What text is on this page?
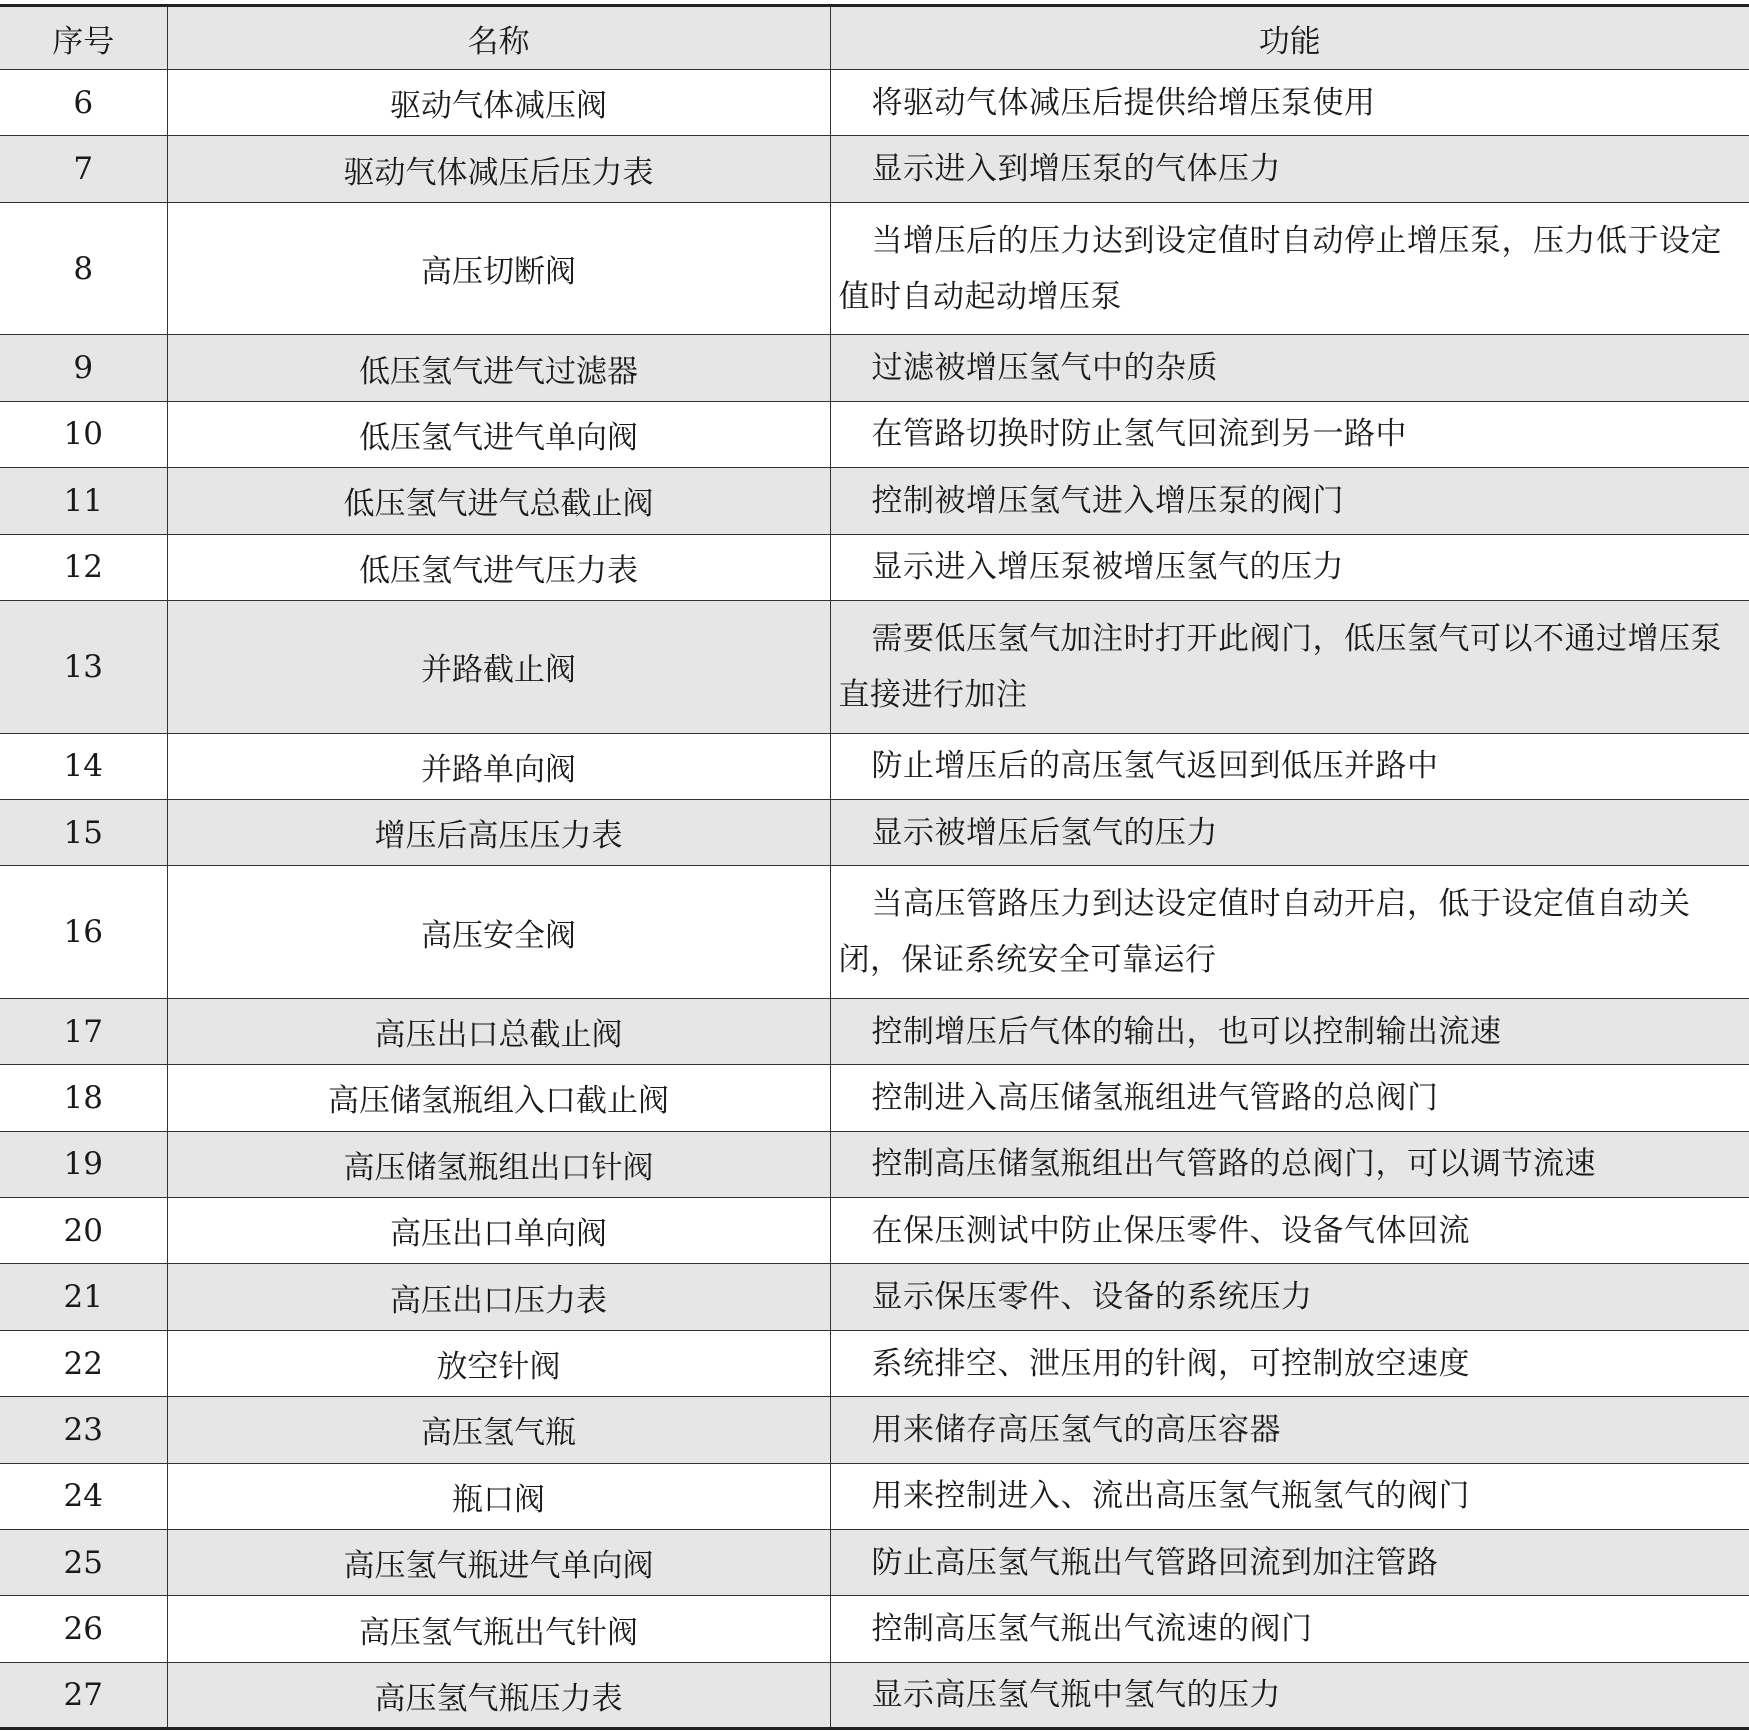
序号	名称	功能
6	驱动气体减压阀	将驱动气体减压后提供给增压泵使用

7	驱动气体减压后压力表	显示进入到增压泵的气体压力

8	高压切断阀	当增压后的压力达到设定值时自动停止增压泵，压力低于设定值时自动起动增压泵

9	低压氢气进气过滤器	过滤被增压氢气中的杂质

10	低压氢气进气单向阀	在管路切换时防止氢气回流到另一路中

11	低压氢气进气总截止阀	控制被增压氢气进入增压泵的阀门

12	低压氢气进气压力表	显示进入增压泵被增压氢气的压力

13	并路截止阀	需要低压氢气加注时打开此阀门，低压氢气可以不通过增压泵直接进行加注

14	并路单向阀	防止增压后的高压氢气返回到低压并路中

15	增压后高压压力表	显示被增压后氢气的压力

16	高压安全阀	当高压管路压力到达设定值时自动开启，低于设定值自动关闭，保证系统安全可靠运行

17	高压出口总截止阀	控制增压后气体的输出，也可以控制输出流速

18	高压储氢瓶组入口截止阀	控制进入高压储氢瓶组进气管路的总阀门

19	高压储氢瓶组出口针阀	控制高压储氢瓶组出气管路的总阀门，可以调节流速

20	高压出口单向阀	在保压测试中防止保压零件、设备气体回流

21	高压出口压力表	显示保压零件、设备的系统压力

22	放空针阀	系统排空、泄压用的针阀，可控制放空速度

23	高压氢气瓶	用来储存高压氢气的高压容器

24	瓶口阀	用来控制进入、流出高压氢气瓶氢气的阀门

25	高压氢气瓶进气单向阀	防止高压氢气瓶出气管路回流到加注管路

26	高压氢气瓶出气针阀	控制高压氢气瓶出气流速的阀门

27	高压氢气瓶压力表	显示高压氢气瓶中氢气的压力
